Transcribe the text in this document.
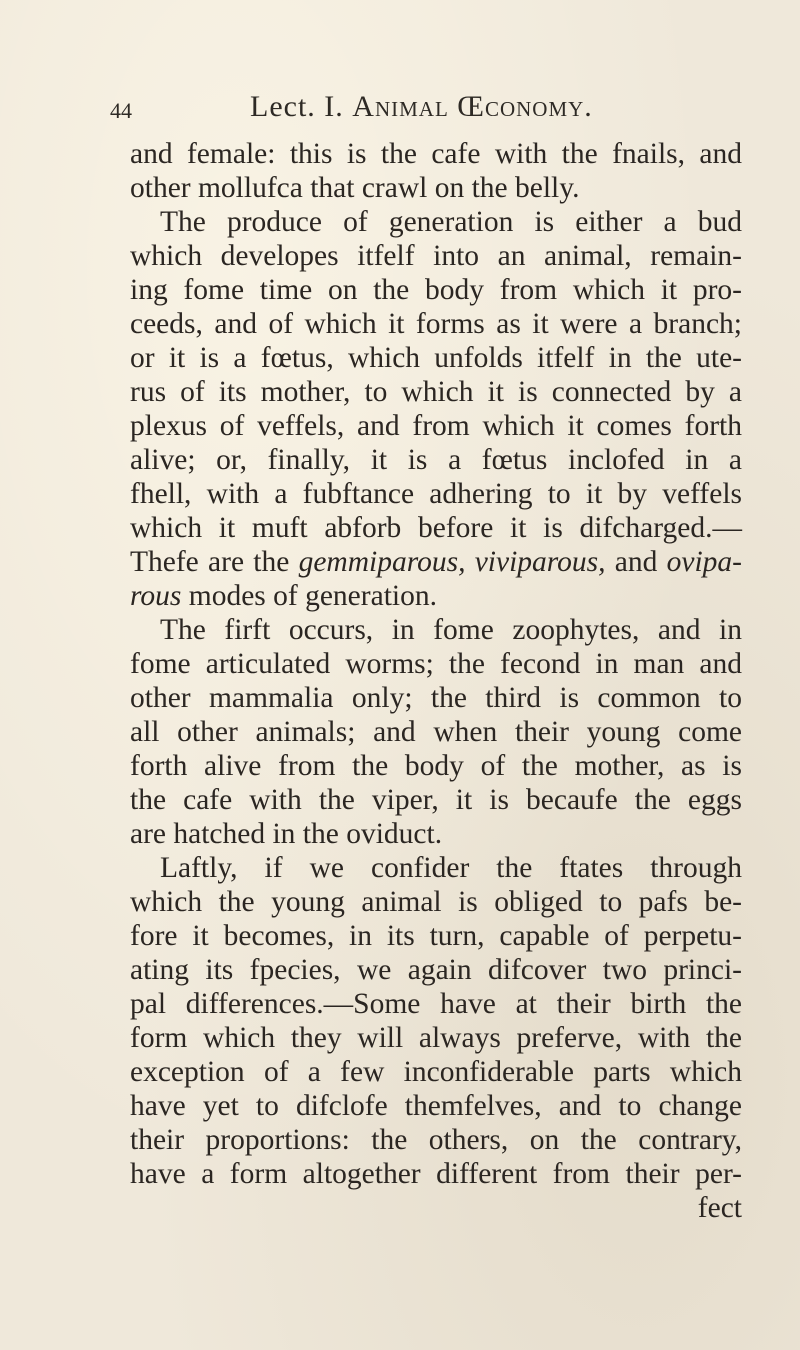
44	Lect. I. Animal Œconomy.
and female: this is the cafe with the fnails, and
other mollufca that crawl on the belly.
The produce of generation is either a bud
which developes itfelf into an animal, remain-
ing fome time on the body from which it pro-
ceeds, and of which it forms as it were a branch;
or it is a fœtus, which unfolds itfelf in the ute-
rus of its mother, to which it is connected by a
plexus of veffels, and from which it comes forth
alive; or, finally, it is a fœtus inclofed in a
fhell, with a fubftance adhering to it by veffels
which it muft abforb before it is difcharged.—
Thefe are the gemmiparous, viviparous, and ovipa-
rous modes of generation.
The firft occurs, in fome zoophytes, and in
fome articulated worms; the fecond in man and
other mammalia only; the third is common to
all other animals; and when their young come
forth alive from the body of the mother, as is
the cafe with the viper, it is becaufe the eggs
are hatched in the oviduct.
Laftly, if we confider the ftates through
which the young animal is obliged to pafs be-
fore it becomes, in its turn, capable of perpetu-
ating its fpecies, we again difcover two princi-
pal differences.—Some have at their birth the
form which they will always preferve, with the
exception of a few inconfiderable parts which
have yet to difclofe themfelves, and to change
their proportions: the others, on the contrary,
have a form altogether different from their per-
fect
